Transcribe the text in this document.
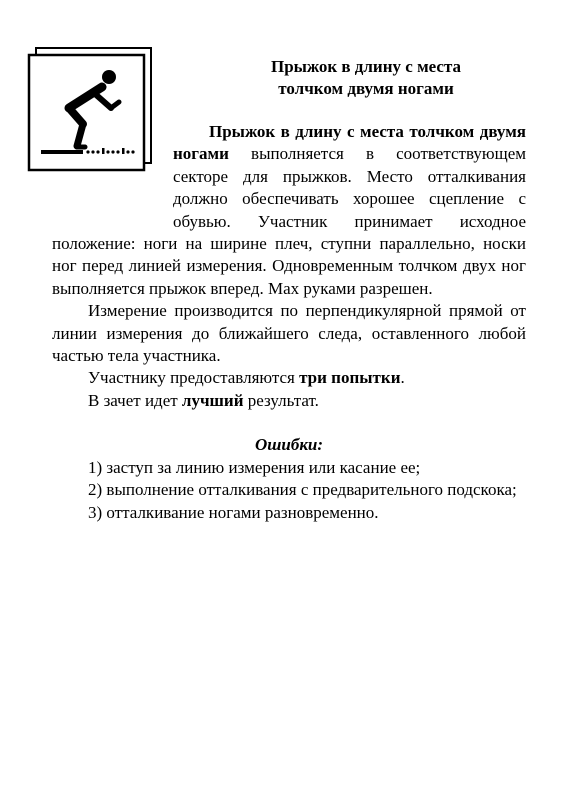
Прыжок в длину с места
толчком двумя ногами

Прыжок в длину с места толчком двумя ногами выполняется в соответствующем секторе для прыжков. Место отталкивания должно обеспечивать хорошее сцепление с обувью. Участник принимает исходное положение: ноги на ширине плеч, ступни параллельно, носки ног перед линией измерения. Одновременным толчком двух ног выполняется прыжок вперед. Мах руками разрешен.

Измерение производится по перпендикулярной прямой от линии измерения до ближайшего следа, оставленного любой частью тела участника.

Участнику предоставляются три попытки.

В зачет идет лучший результат.

Ошибки:

1) заступ за линию измерения или касание ее;

2) выполнение отталкивания с предварительного подскока;

3) отталкивание ногами разновременно.
